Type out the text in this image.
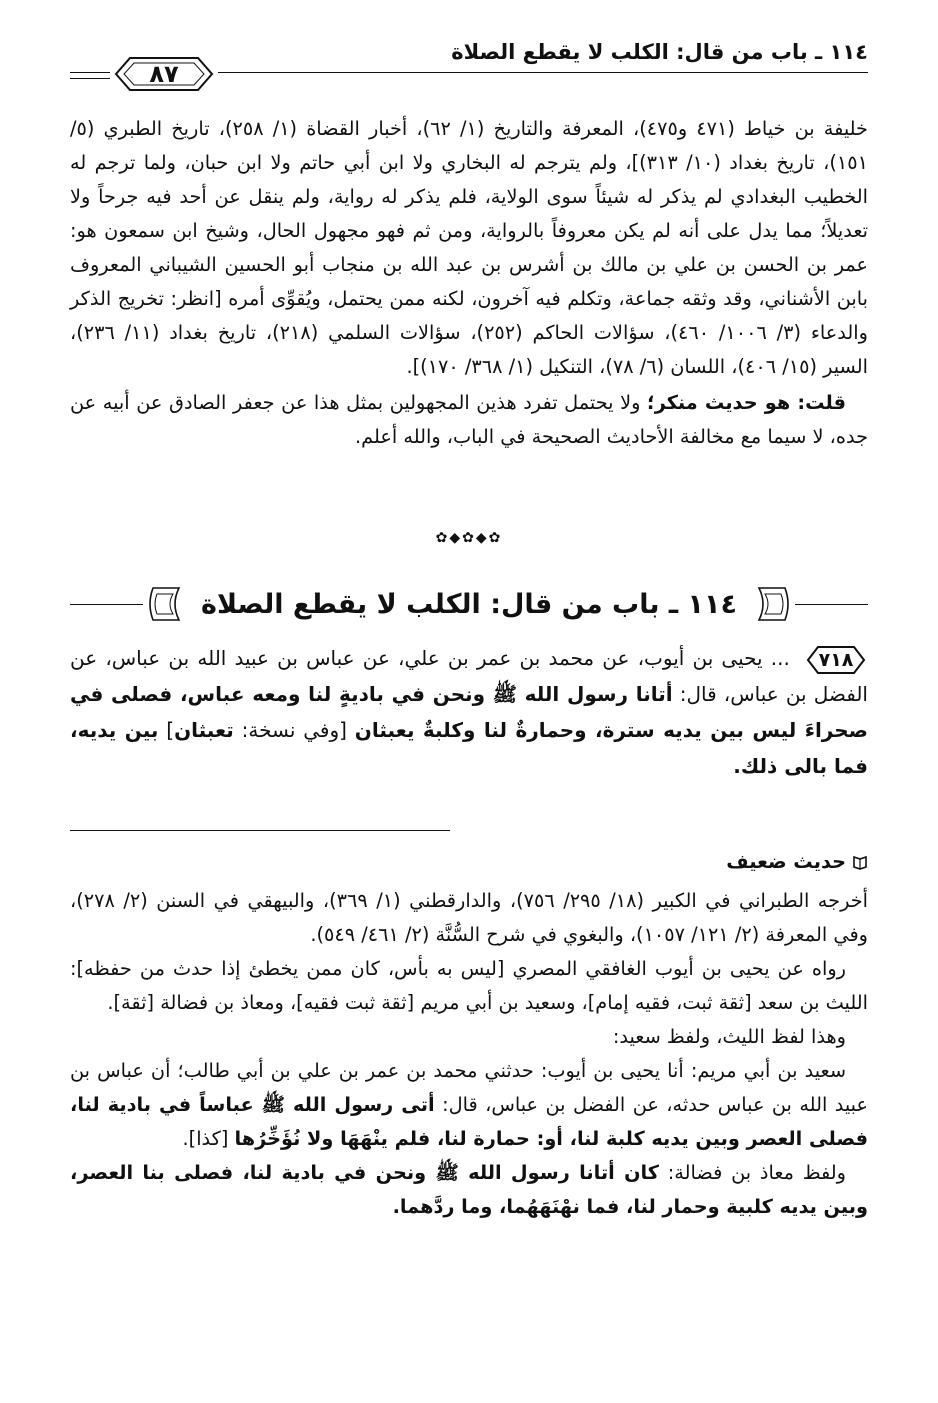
١١٤ ـ باب من قال: الكلب لا يقطع الصلاة
٨٧

خليفة بن خياط (٤٧١ و٤٧٥)، المعرفة والتاريخ (١/ ٦٢)، أخبار القضاة (١/ ٢٥٨)، تاريخ الطبري (٥/ ١٥١)، تاريخ بغداد (١٠/ ٣١٣)]، ولم يترجم له البخاري ولا ابن أبي حاتم ولا ابن حبان، ولما ترجم له الخطيب البغدادي لم يذكر له شيئاً سوى الولاية، فلم يذكر له رواية، ولم ينقل عن أحد فيه جرحاً ولا تعديلاً؛ مما يدل على أنه لم يكن معروفاً بالرواية، ومن ثم فهو مجهول الحال، وشيخ ابن سمعون هو: عمر بن الحسن بن علي بن مالك بن أشرس بن عبد الله بن منجاب أبو الحسين الشيباني المعروف بابن الأشناني، وقد وثقه جماعة، وتكلم فيه آخرون، لكنه ممن يحتمل، ويُقوِّى أمره [انظر: تخريج الذكر والدعاء (٣/ ١٠٠٦/ ٤٦٠)، سؤالات الحاكم (٢٥٢)، سؤالات السلمي (٢١٨)، تاريخ بغداد (١١/ ٢٣٦)، السير (١٥/ ٤٠٦)، اللسان (٦/ ٧٨)، التنكيل (١/ ٣٦٨/ ١٧٠)].

قلت: هو حديث منكر؛ ولا يحتمل تفرد هذين المجهولين بمثل هذا عن جعفر الصادق عن أبيه عن جده، لا سيما مع مخالفة الأحاديث الصحيحة في الباب، والله أعلم.

✿◆✿◆✿
١١٤ ـ باب من قال: الكلب لا يقطع الصلاة

٧١٨
... يحيى بن أيوب، عن محمد بن عمر بن علي، عن عباس بن عبيد الله بن عباس، عن الفضل بن عباس، قال: أتانا رسول الله ﷺ ونحن في باديةٍ لنا ومعه عباس، فصلى في صحراءَ ليس بين يديه سترة، وحمارةٌ لنا وكلبةٌ يعبثان [وفي نسخة: تعبثان] بين يديه، فما بالى ذلك.

حديث ضعيف

أخرجه الطبراني في الكبير (١٨/ ٢٩٥/ ٧٥٦)، والدارقطني (١/ ٣٦٩)، والبيهقي في السنن (٢/ ٢٧٨)، وفي المعرفة (٢/ ١٢١/ ١٠٥٧)، والبغوي في شرح السُّنَّة (٢/ ٤٦١/ ٥٤٩).

رواه عن يحيى بن أيوب الغافقي المصري [ليس به بأس، كان ممن يخطئ إذا حدث من حفظه]: الليث بن سعد [ثقة ثبت، فقيه إمام]، وسعيد بن أبي مريم [ثقة ثبت فقيه]، ومعاذ بن فضالة [ثقة].

وهذا لفظ الليث، ولفظ سعيد:

سعيد بن أبي مريم: أنا يحيى بن أيوب: حدثني محمد بن عمر بن علي بن أبي طالب؛ أن عباس بن عبيد الله بن عباس حدثه، عن الفضل بن عباس، قال: أتى رسول الله ﷺ عباساً في بادية لنا، فصلى العصر وبين يديه كلبة لنا، أو: حمارة لنا، فلم ينْهَهَا ولا نُؤَخِّرُها [كذا].

ولفظ معاذ بن فضالة: كان أتانا رسول الله ﷺ ونحن في بادية لنا، فصلى بنا العصر، وبين يديه كلبية وحمار لنا، فما نهْنَهَهُما، وما ردَّهما.
